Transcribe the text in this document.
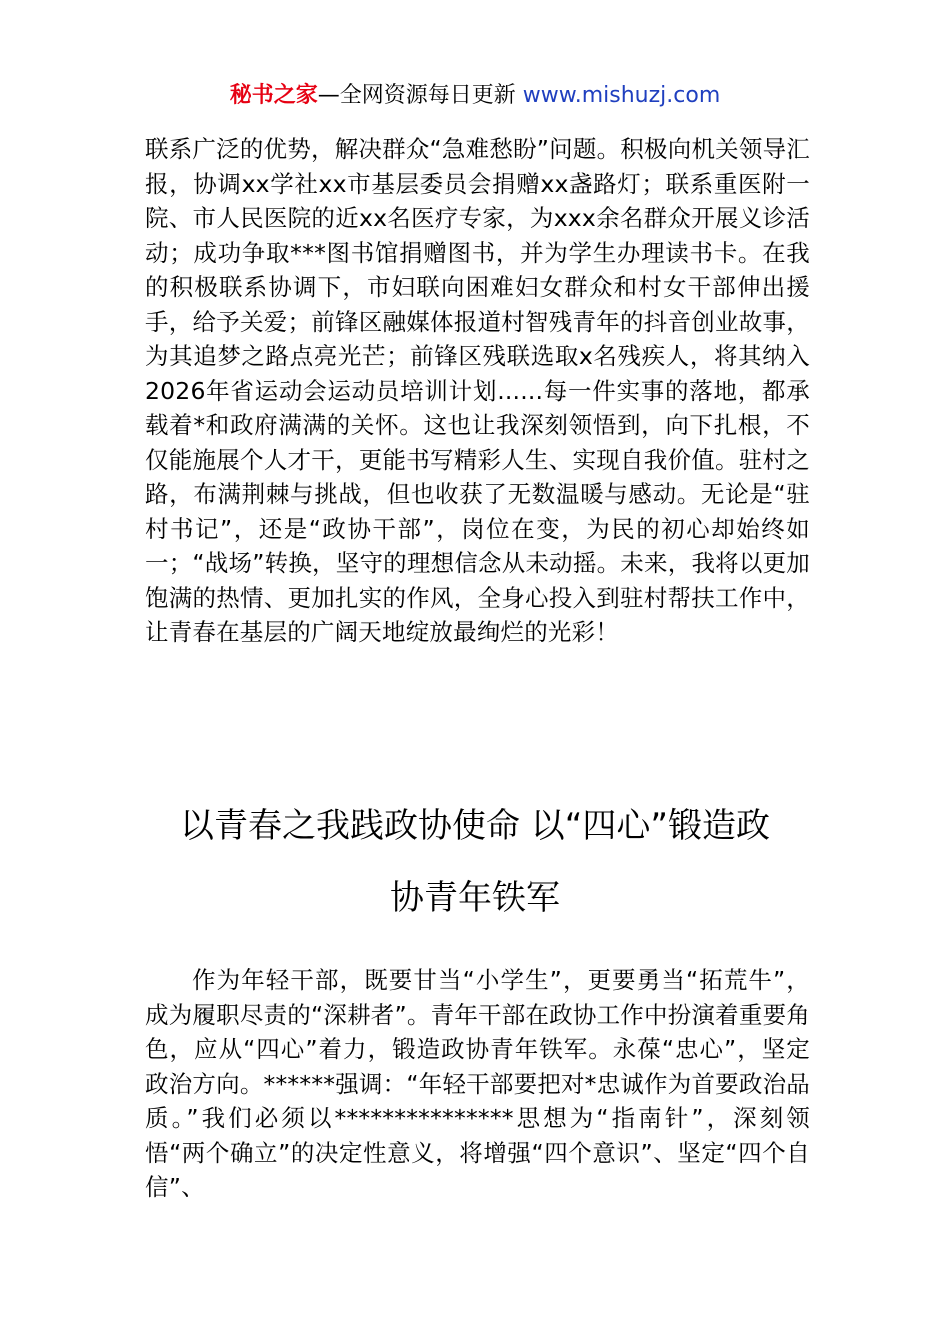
秘书之家—全网资源每日更新 www.mishuzj.com

联系广泛的优势，解决群众“急难愁盼”问题。积极向机关领导汇报，协调xx学社xx市基层委员会捐赠xx盏路灯；联系重医附一院、市人民医院的近xx名医疗专家，为xxx余名群众开展义诊活动；成功争取***图书馆捐赠图书，并为学生办理读书卡。在我的积极联系协调下，市妇联向困难妇女群众和村女干部伸出援手，给予关爱；前锋区融媒体报道村智残青年的抖音创业故事，为其追梦之路点亮光芒；前锋区残联选取x名残疾人，将其纳入2026年省运动会运动员培训计划......每一件实事的落地，都承载着*和政府满满的关怀。这也让我深刻领悟到，向下扎根，不仅能施展个人才干，更能书写精彩人生、实现自我价值。驻村之路，布满荆棘与挑战，但也收获了无数温暖与感动。无论是“驻村书记”，还是“政协干部”，岗位在变，为民的初心却始终如一；“战场”转换，坚守的理想信念从未动摇。未来，我将以更加饱满的热情、更加扎实的作风，全身心投入到驻村帮扶工作中，让青春在基层的广阔天地绽放最绚烂的光彩！

以青春之我践政协使命 以“四心”锻造政
协青年铁军

作为年轻干部，既要甘当“小学生”，更要勇当“拓荒牛”，成为履职尽责的“深耕者”。青年干部在政协工作中扮演着重要角色，应从“四心”着力，锻造政协青年铁军。永葆“忠心”，坚定政治方向。******强调：“年轻干部要把对*忠诚作为首要政治品质。”我们必须以***************思想为“指南针”，深刻领悟“两个确立”的决定性意义，将增强“四个意识”、坚定“四个自信”、
